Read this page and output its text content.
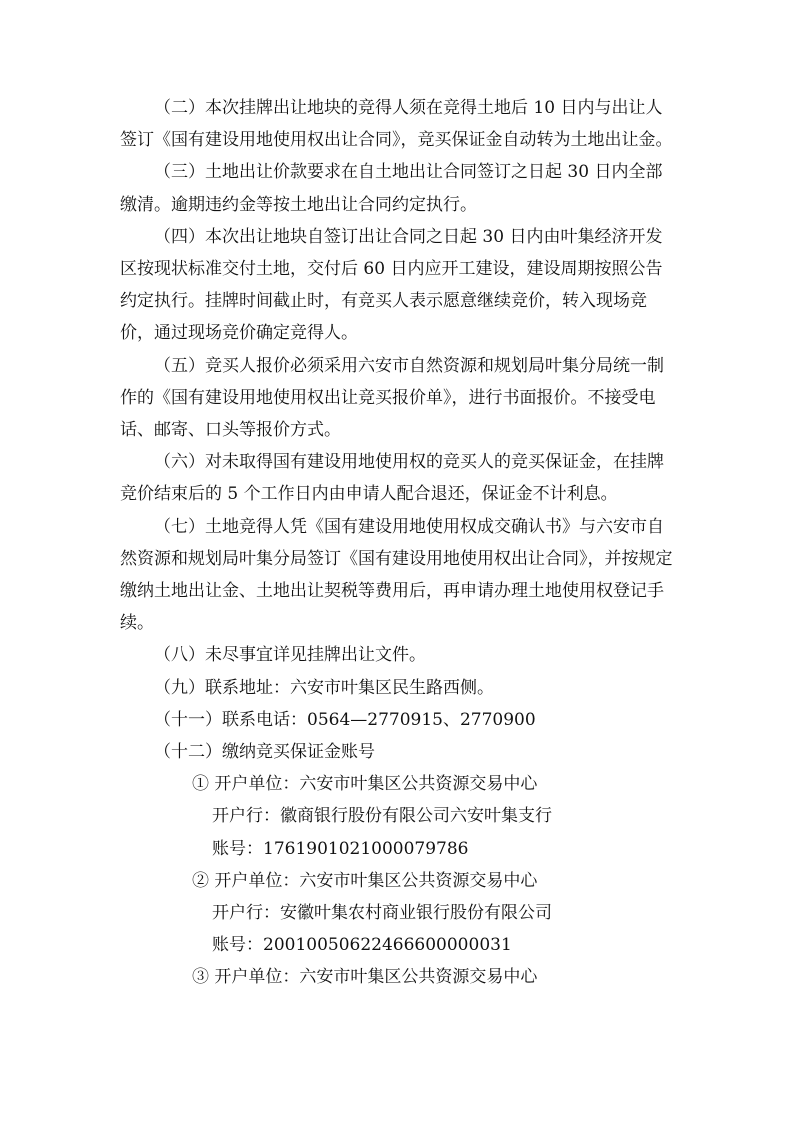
（二）本次挂牌出让地块的竞得人须在竞得土地后 10 日内与出让人签订《国有建设用地使用权出让合同》，竞买保证金自动转为土地出让金。

（三）土地出让价款要求在自土地出让合同签订之日起 30 日内全部缴清。逾期违约金等按土地出让合同约定执行。

（四）本次出让地块自签订出让合同之日起 30 日内由叶集经济开发区按现状标准交付土地，交付后 60 日内应开工建设，建设周期按照公告约定执行。挂牌时间截止时，有竞买人表示愿意继续竞价，转入现场竞价，通过现场竞价确定竞得人。

（五）竞买人报价必须采用六安市自然资源和规划局叶集分局统一制作的《国有建设用地使用权出让竞买报价单》，进行书面报价。不接受电话、邮寄、口头等报价方式。

（六）对未取得国有建设用地使用权的竞买人的竞买保证金，在挂牌竞价结束后的 5 个工作日内由申请人配合退还，保证金不计利息。

（七）土地竞得人凭《国有建设用地使用权成交确认书》与六安市自然资源和规划局叶集分局签订《国有建设用地使用权出让合同》，并按规定缴纳土地出让金、土地出让契税等费用后，再申请办理土地使用权登记手续。

（八）未尽事宜详见挂牌出让文件。

（九）联系地址：六安市叶集区民生路西侧。

（十一）联系电话：0564—2770915、2770900

（十二）缴纳竞买保证金账号

① 开户单位：六安市叶集区公共资源交易中心

开户行：徽商银行股份有限公司六安叶集支行

账号：1761901021000079786

② 开户单位：六安市叶集区公共资源交易中心

开户行：安徽叶集农村商业银行股份有限公司

账号：20010050622466600000031

③ 开户单位：六安市叶集区公共资源交易中心
